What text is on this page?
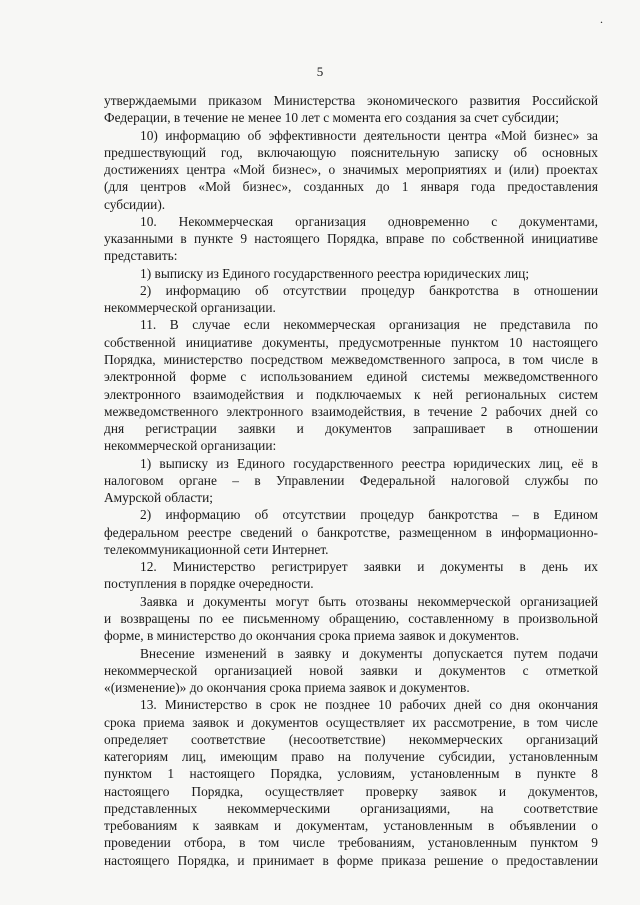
.
5
утверждаемыми приказом Министерства экономического развития Российской
Федерации, в течение не менее 10 лет с момента его создания за счет субсидии;
10) информацию об эффективности деятельности центра «Мой бизнес» за
предшествующий год, включающую пояснительную записку об основных
достижениях центра «Мой бизнес», о значимых мероприятиях и (или) проектах
(для центров «Мой бизнес», созданных до 1 января года предоставления
субсидии).
10. Некоммерческая организация одновременно с документами,
указанными в пункте 9 настоящего Порядка, вправе по собственной инициативе
представить:
1) выписку из Единого государственного реестра юридических лиц;
2) информацию об отсутствии процедур банкротства в отношении
некоммерческой организации.
11. В случае если некоммерческая организация не представила по
собственной инициативе документы, предусмотренные пунктом 10 настоящего
Порядка, министерство посредством межведомственного запроса, в том числе в
электронной форме с использованием единой системы межведомственного
электронного взаимодействия и подключаемых к ней региональных систем
межведомственного электронного взаимодействия, в течение 2 рабочих дней со
дня регистрации заявки и документов запрашивает в отношении
некоммерческой организации:
1) выписку из Единого государственного реестра юридических лиц, её в
налоговом органе – в Управлении Федеральной налоговой службы по
Амурской области;
2) информацию об отсутствии процедур банкротства – в Едином
федеральном реестре сведений о банкротстве, размещенном в информационно-
телекоммуникационной сети Интернет.
12. Министерство регистрирует заявки и документы в день их
поступления в порядке очередности.
Заявка и документы могут быть отозваны некоммерческой организацией
и возвращены по ее письменному обращению, составленному в произвольной
форме, в министерство до окончания срока приема заявок и документов.
Внесение изменений в заявку и документы допускается путем подачи
некоммерческой организацией новой заявки и документов с отметкой
«(изменение)» до окончания срока приема заявок и документов.
13. Министерство в срок не позднее 10 рабочих дней со дня окончания
срока приема заявок и документов осуществляет их рассмотрение, в том числе
определяет соответствие (несоответствие) некоммерческих организаций
категориям лиц, имеющим право на получение субсидии, установленным
пунктом 1 настоящего Порядка, условиям, установленным в пункте 8
настоящего Порядка, осуществляет проверку заявок и документов,
представленных некоммерческими организациями, на соответствие
требованиям к заявкам и документам, установленным в объявлении о
проведении отбора, в том числе требованиям, установленным пунктом 9
настоящего Порядка, и принимает в форме приказа решение о предоставлении
